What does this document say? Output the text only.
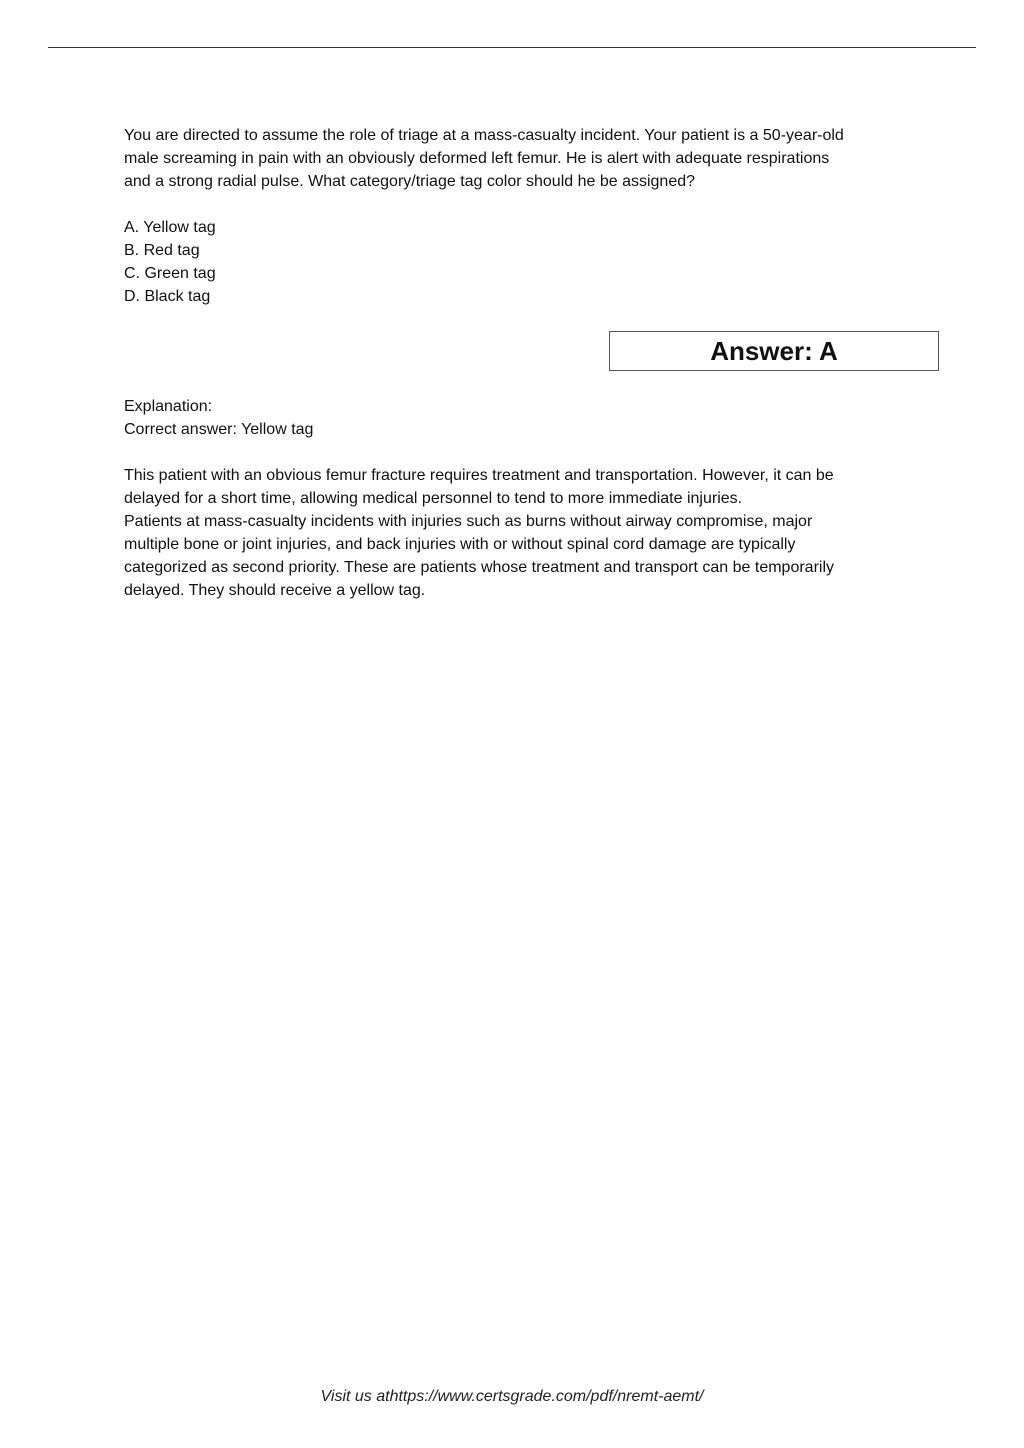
You are directed to assume the role of triage at a mass-casualty incident. Your patient is a 50-year-old

male screaming in pain with an obviously deformed left femur. He is alert with adequate respirations

and a strong radial pulse. What category/triage tag color should he be assigned?

A. Yellow tag
B. Red tag
C. Green tag
D. Black tag
Answer: A
Explanation:
Correct answer: Yellow tag
This patient with an obvious femur fracture requires treatment and transportation. However, it can be
delayed for a short time, allowing medical personnel to tend to more immediate injuries.
Patients at mass-casualty incidents with injuries such as burns without airway compromise, major
multiple bone or joint injuries, and back injuries with or without spinal cord damage are typically
categorized as second priority. These are patients whose treatment and transport can be temporarily
delayed. They should receive a yellow tag.
Visit us athttps://www.certsgrade.com/pdf/nremt-aemt/
